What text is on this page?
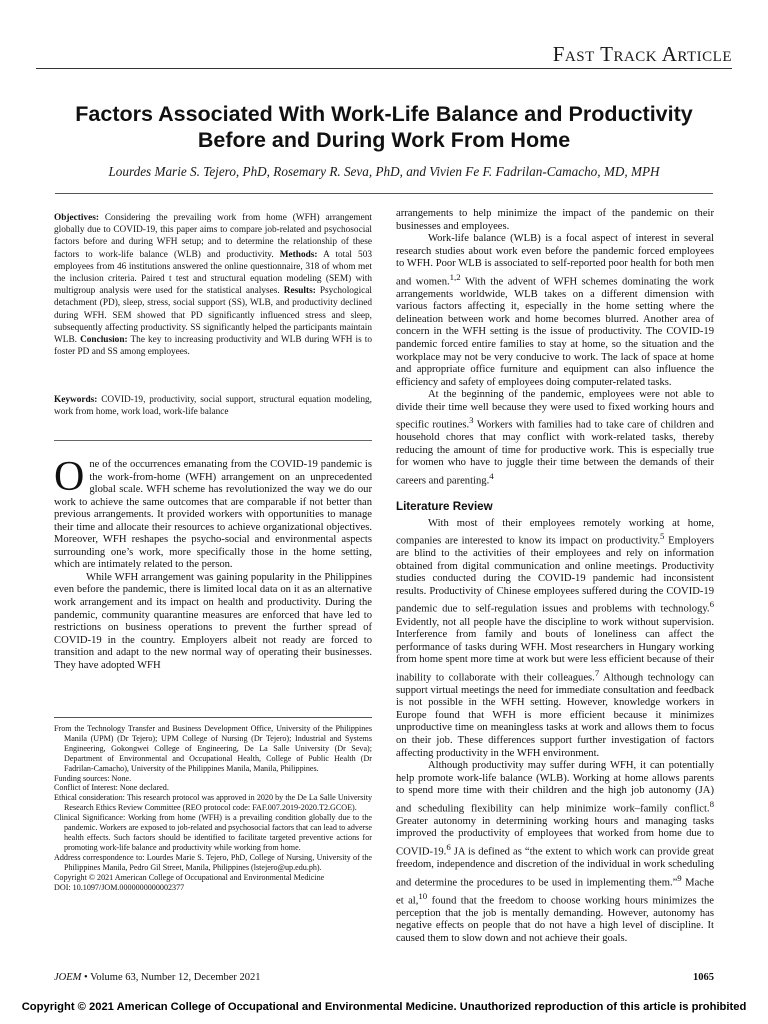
Fast Track Article
Factors Associated With Work-Life Balance and Productivity
Before and During Work From Home
Lourdes Marie S. Tejero, PhD, Rosemary R. Seva, PhD, and Vivien Fe F. Fadrilan-Camacho, MD, MPH
Objectives: Considering the prevailing work from home (WFH) arrangement globally due to COVID-19, this paper aims to compare job-related and psychosocial factors before and during WFH setup; and to determine the relationship of these factors to work-life balance (WLB) and productivity. Methods: A total 503 employees from 46 institutions answered the online questionnaire, 318 of whom met the inclusion criteria. Paired t test and structural equation modeling (SEM) with multigroup analysis were used for the statistical analyses. Results: Psychological detachment (PD), sleep, stress, social support (SS), WLB, and productivity declined during WFH. SEM showed that PD significantly influenced stress and sleep, subsequently affecting productivity. SS significantly helped the participants maintain WLB. Conclusion: The key to increasing productivity and WLB during WFH is to foster PD and SS among employees.
Keywords: COVID-19, productivity, social support, structural equation modeling, work from home, work load, work-life balance

One of the occurrences emanating from the COVID-19 pandemic is the work-from-home (WFH) arrangement on an unprecedented global scale. WFH scheme has revolutionized the way we do our work to achieve the same outcomes that are comparable if not better than previous arrangements. It provided workers with opportunities to manage their time and allocate their resources to achieve organizational objectives. Moreover, WFH reshapes the psycho-social and environmental aspects surrounding one’s work, more specifically those in the home setting, which are intimately related to the person.

While WFH arrangement was gaining popularity in the Philippines even before the pandemic, there is limited local data on it as an alternative work arrangement and its impact on health and productivity. During the pandemic, community quarantine measures are enforced that have led to restrictions on business operations to prevent the further spread of COVID-19 in the country. Employers albeit not ready are forced to transition and adapt to the new normal way of operating their businesses. They have adopted WFH

From the Technology Transfer and Business Development Office, University of the Philippines Manila (UPM) (Dr Tejero); UPM College of Nursing (Dr Tejero); Industrial and Systems Engineering, Gokongwei College of Engineering, De La Salle University (Dr Seva); Department of Environmental and Occupational Health, College of Public Health (Dr Fadrilan-Camacho), University of the Philippines Manila, Manila, Philippines.

Funding sources: None.

Conflict of Interest: None declared.

Ethical consideration: This research protocol was approved in 2020 by the De La Salle University Research Ethics Review Committee (REO protocol code: FAF.007.2019-2020.T2.GCOE).

Clinical Significance: Working from home (WFH) is a prevailing condition globally due to the pandemic. Workers are exposed to job-related and psychosocial factors that can lead to adverse health effects. Such factors should be identified to facilitate targeted preventive actions for promoting work-life balance and productivity while working from home.

Address correspondence to: Lourdes Marie S. Tejero, PhD, College of Nursing, University of the Philippines Manila, Pedro Gil Street, Manila, Philippines (lstejero@up.edu.ph).

Copyright © 2021 American College of Occupational and Environmental Medicine

DOI: 10.1097/JOM.0000000000002377

arrangements to help minimize the impact of the pandemic on their businesses and employees.

Work-life balance (WLB) is a focal aspect of interest in several research studies about work even before the pandemic forced employees to WFH. Poor WLB is associated to self-reported poor health for both men and women.$^{1,2}$ With the advent of WFH schemes dominating the work arrangements worldwide, WLB takes on a different dimension with various factors affecting it, especially in the home setting where the delineation between work and home becomes blurred. Another area of concern in the WFH setting is the issue of productivity. The COVID-19 pandemic forced entire families to stay at home, so the situation and the workplace may not be very conducive to work. The lack of space at home and appropriate office furniture and equipment can also influence the efficiency and safety of employees doing computer-related tasks.

At the beginning of the pandemic, employees were not able to divide their time well because they were used to fixed working hours and specific routines.$^3$ Workers with families had to take care of children and household chores that may conflict with work-related tasks, thereby reducing the amount of time for productive work. This is especially true for women who have to juggle their time between the demands of their careers and parenting.$^4$

Literature Review

With most of their employees remotely working at home, companies are interested to know its impact on productivity.$^5$ Employers are blind to the activities of their employees and rely on information obtained from digital communication and online meetings. Productivity studies conducted during the COVID-19 pandemic had inconsistent results. Productivity of Chinese employees suffered during the COVID-19 pandemic due to self-regulation issues and problems with technology.$^6$ Evidently, not all people have the discipline to work without supervision. Interference from family and bouts of loneliness can affect the performance of tasks during WFH. Most researchers in Hungary working from home spent more time at work but were less efficient because of their inability to collaborate with their colleagues.$^7$ Although technology can support virtual meetings the need for immediate consultation and feedback is not possible in the WFH setting. However, knowledge workers in Europe found that WFH is more efficient because it minimizes unproductive time on meaningless tasks at work and allows them to focus on their job. These differences support further investigation of factors affecting productivity in the WFH environment.

Although productivity may suffer during WFH, it can potentially help promote work-life balance (WLB). Working at home allows parents to spend more time with their children and the high job autonomy (JA) and scheduling flexibility can help minimize work–family conflict.$^8$ Greater autonomy in determining working hours and managing tasks improved the productivity of employees that worked from home due to COVID-19.$^6$ JA is defined as “the extent to which work can provide great freedom, independence and discretion of the individual in work scheduling and determine the procedures to be used in implementing them.”$^9$ Mache et al,$^{10}$ found that the freedom to choose working hours minimizes the perception that the job is mentally demanding. However, autonomy has negative effects on people that do not have a high level of discipline. It caused them to slow down and not achieve their goals.

JOEM • Volume 63, Number 12, December 2021	1065
Copyright © 2021 American College of Occupational and Environmental Medicine. Unauthorized reproduction of this article is prohibited
